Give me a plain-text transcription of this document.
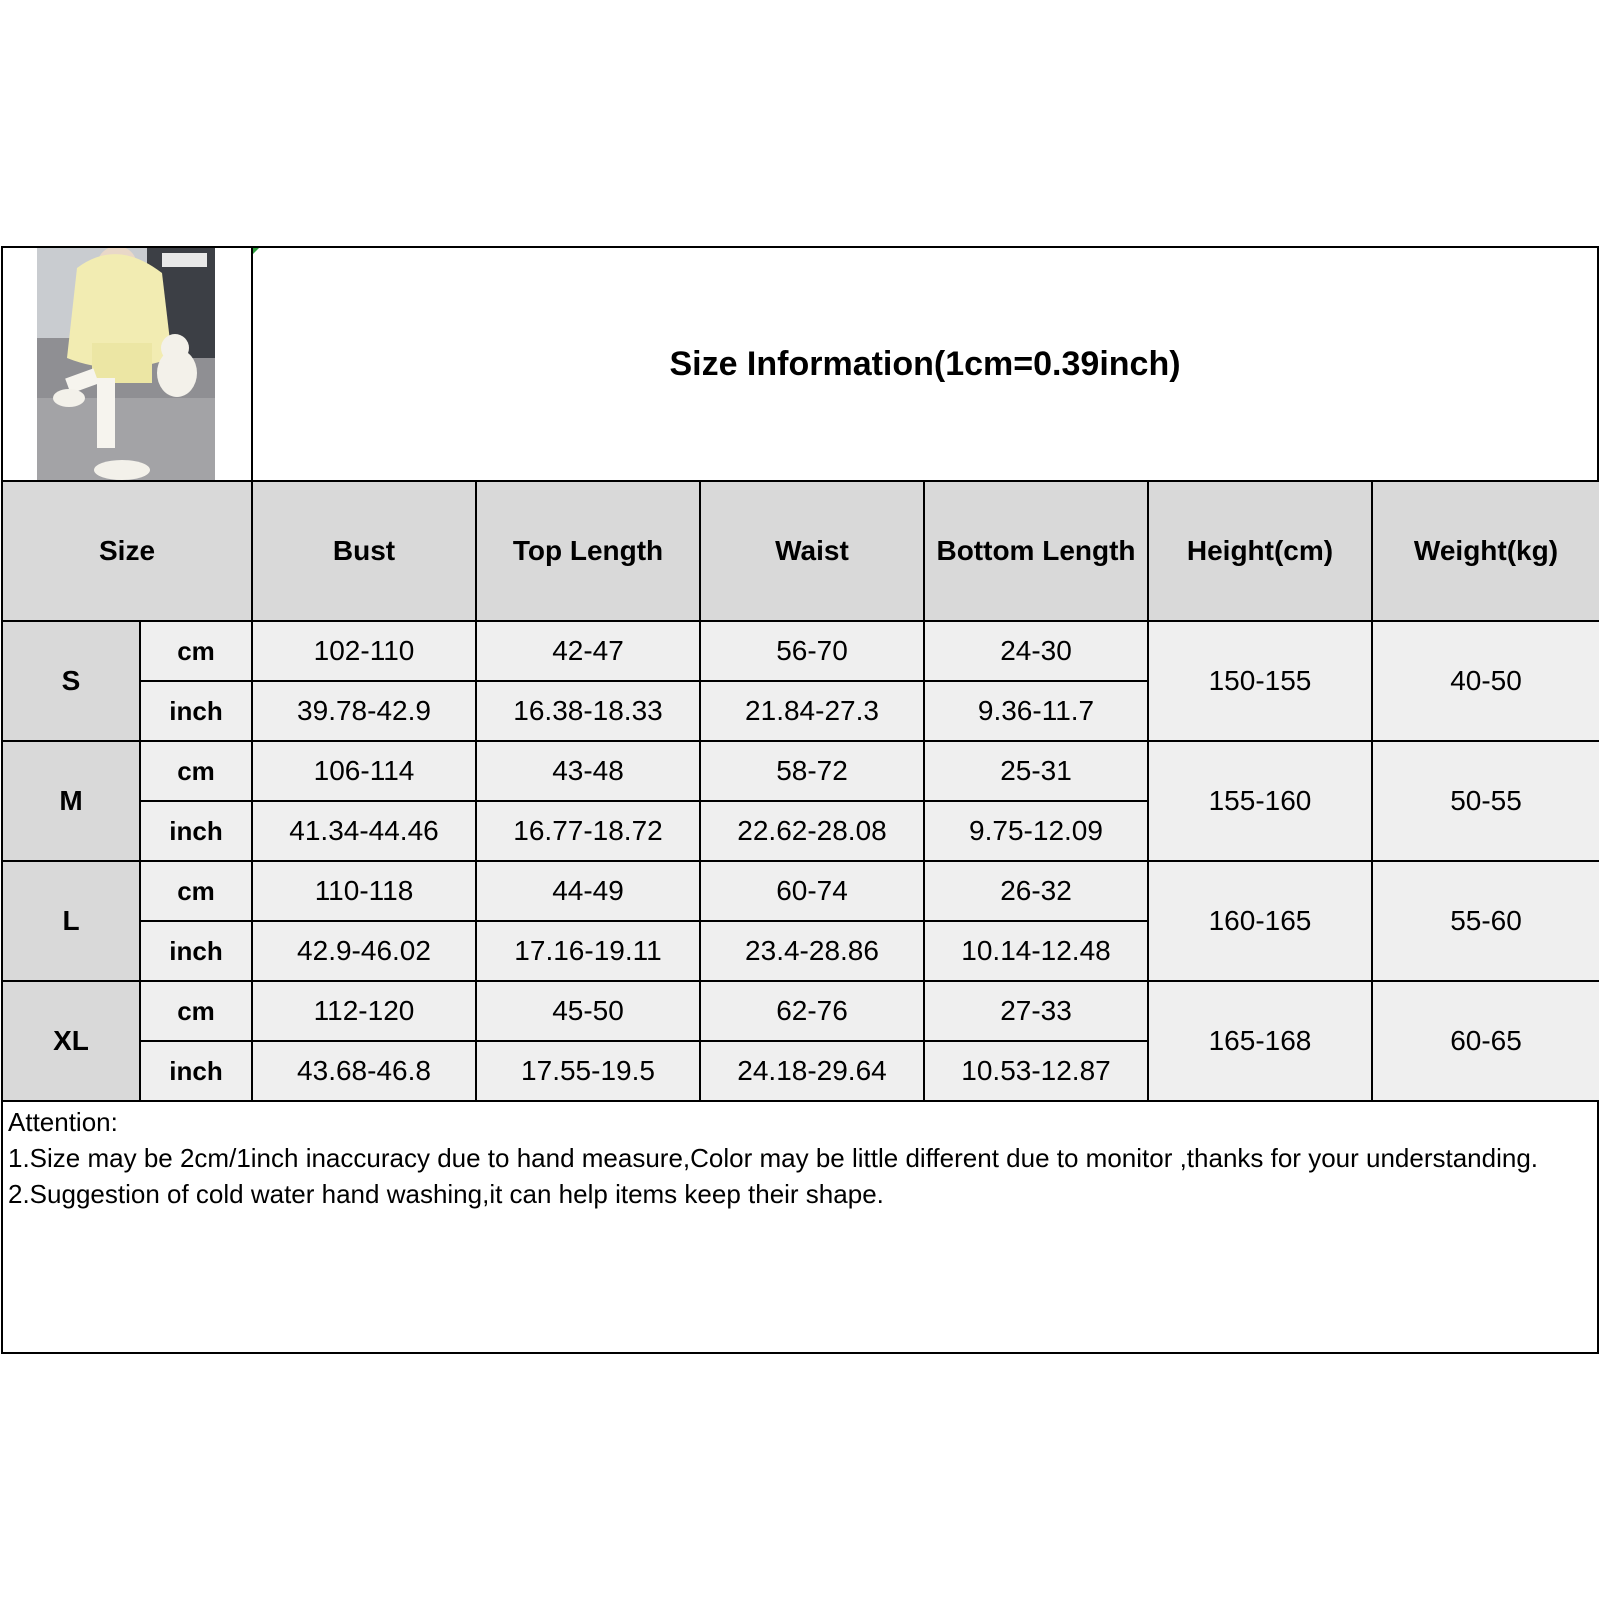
Size Information(1cm=0.39inch)
Size	Bust	Top Length	Waist	Bottom Length	Height(cm)	Weight(kg)
S
cm	102-110	42-47	56-70	24-30
inch	39.78-42.9	16.38-18.33	21.84-27.3	9.36-11.7
150-155	40-50
M
cm	106-114	43-48	58-72	25-31
inch	41.34-44.46	16.77-18.72	22.62-28.08	9.75-12.09
155-160	50-55
L
cm	110-118	44-49	60-74	26-32
inch	42.9-46.02	17.16-19.11	23.4-28.86	10.14-12.48
160-165	55-60
XL
cm	112-120	45-50	62-76	27-33
inch	43.68-46.8	17.55-19.5	24.18-29.64	10.53-12.87
165-168	60-65
Attention:
1.Size may be 2cm/1inch inaccuracy due to hand measure,Color may be little different due to monitor ,thanks for your understanding.
2.Suggestion of cold water hand washing,it can help items keep their shape.
